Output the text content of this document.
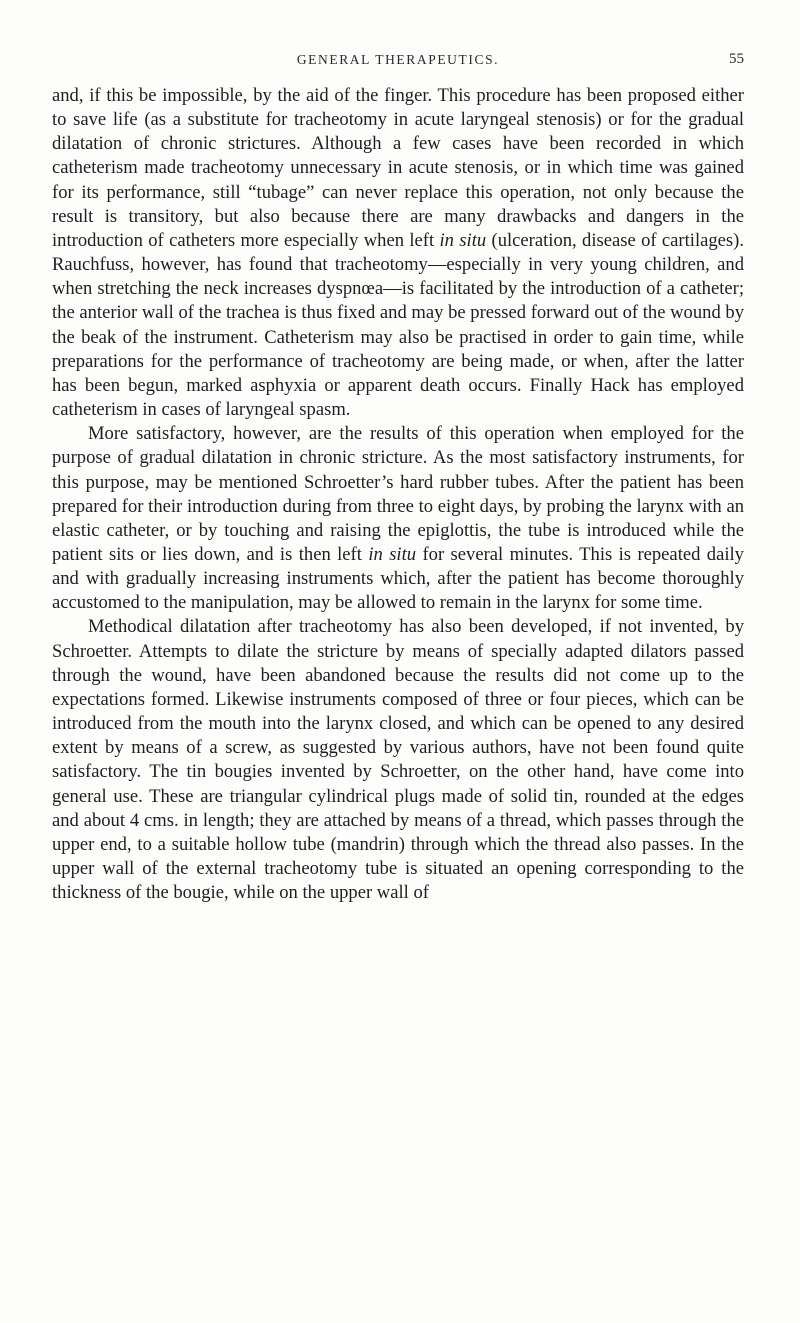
GENERAL THERAPEUTICS.	55

and, if this be impossible, by the aid of the finger. This procedure has been proposed either to save life (as a substitute for tracheotomy in acute laryngeal stenosis) or for the gradual dilatation of chronic strictures. Although a few cases have been recorded in which catheterism made tracheotomy unnecessary in acute stenosis, or in which time was gained for its performance, still “tubage” can never replace this operation, not only because the result is transitory, but also because there are many drawbacks and dangers in the introduction of catheters more especially when left in situ (ulceration, disease of cartilages). Rauchfuss, however, has found that tracheotomy—especially in very young children, and when stretching the neck increases dyspnœa—is facilitated by the introduction of a catheter; the anterior wall of the trachea is thus fixed and may be pressed forward out of the wound by the beak of the instrument. Catheterism may also be practised in order to gain time, while preparations for the performance of tracheotomy are being made, or when, after the latter has been begun, marked asphyxia or apparent death occurs. Finally Hack has employed catheterism in cases of laryngeal spasm.

More satisfactory, however, are the results of this operation when employed for the purpose of gradual dilatation in chronic stricture. As the most satisfactory instruments, for this purpose, may be mentioned Schroetter’s hard rubber tubes. After the patient has been prepared for their introduction during from three to eight days, by probing the larynx with an elastic catheter, or by touching and raising the epiglottis, the tube is introduced while the patient sits or lies down, and is then left in situ for several minutes. This is repeated daily and with gradually increasing instruments which, after the patient has become thoroughly accustomed to the manipulation, may be allowed to remain in the larynx for some time.

Methodical dilatation after tracheotomy has also been developed, if not invented, by Schroetter. Attempts to dilate the stricture by means of specially adapted dilators passed through the wound, have been abandoned because the results did not come up to the expectations formed. Likewise instruments composed of three or four pieces, which can be introduced from the mouth into the larynx closed, and which can be opened to any desired extent by means of a screw, as suggested by various authors, have not been found quite satisfactory. The tin bougies invented by Schroetter, on the other hand, have come into general use. These are triangular cylindrical plugs made of solid tin, rounded at the edges and about 4 cms. in length; they are attached by means of a thread, which passes through the upper end, to a suitable hollow tube (mandrin) through which the thread also passes. In the upper wall of the external tracheotomy tube is situated an opening corresponding to the thickness of the bougie, while on the upper wall of
